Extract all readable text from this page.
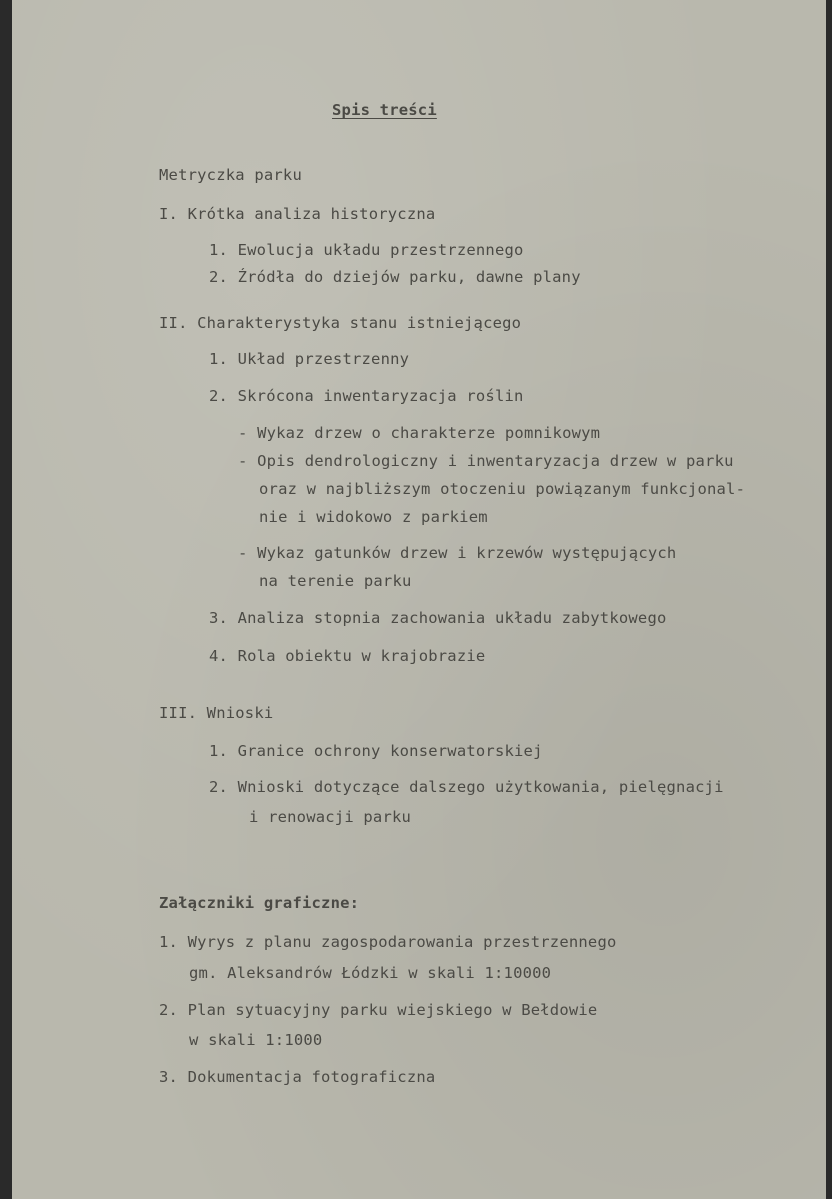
Spis treści
Metryczka parku
I. Krótka analiza historyczna
1. Ewolucja układu przestrzennego
2. Źródła do dziejów parku, dawne plany
II. Charakterystyka stanu istniejącego
1. Układ przestrzenny
2. Skrócona inwentaryzacja roślin
- Wykaz drzew o charakterze pomnikowym
- Opis dendrologiczny i inwentaryzacja drzew w parku
oraz w najbliższym otoczeniu powiązanym funkcjonal-
nie i widokowo z parkiem
- Wykaz gatunków drzew i krzewów występujących
na terenie parku
3. Analiza stopnia zachowania układu zabytkowego
4. Rola obiektu w krajobrazie
III. Wnioski
1. Granice ochrony konserwatorskiej
2. Wnioski dotyczące dalszego użytkowania, pielęgnacji
i renowacji parku
Załączniki graficzne:
1. Wyrys z planu zagospodarowania przestrzennego
gm. Aleksandrów Łódzki w skali 1:10000
2. Plan sytuacyjny parku wiejskiego w Bełdowie
w skali 1:1000
3. Dokumentacja fotograficzna
